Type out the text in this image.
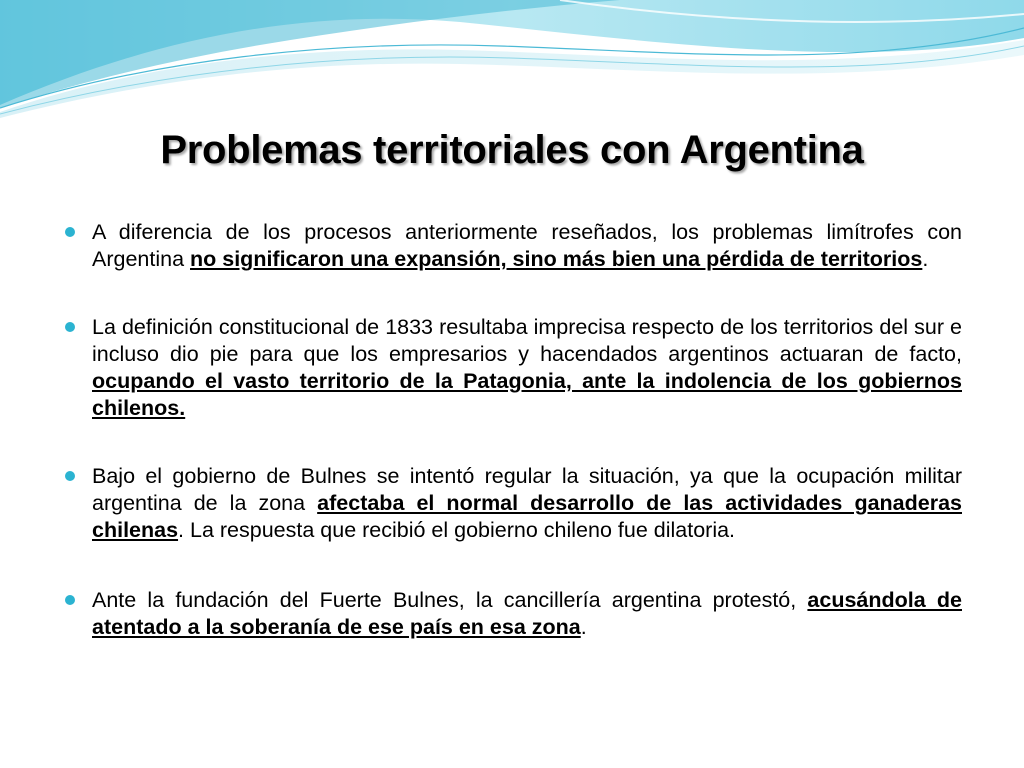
Problemas territoriales con Argentina
A diferencia de los procesos anteriormente reseñados, los problemas limítrofes con Argentina no significaron una expansión, sino más bien una pérdida de territorios.
La definición constitucional de 1833 resultaba imprecisa respecto de los territorios del sur e incluso dio pie para que los empresarios y hacendados argentinos actuaran de facto, ocupando el vasto territorio de la Patagonia, ante la indolencia de los gobiernos chilenos.
Bajo el gobierno de Bulnes se intentó regular la situación, ya que la ocupación militar argentina de la zona afectaba el normal desarrollo de las actividades ganaderas chilenas. La respuesta que recibió el gobierno chileno fue dilatoria.
Ante la fundación del Fuerte Bulnes, la cancillería argentina protestó, acusándola de atentado a la soberanía de ese país en esa zona.
